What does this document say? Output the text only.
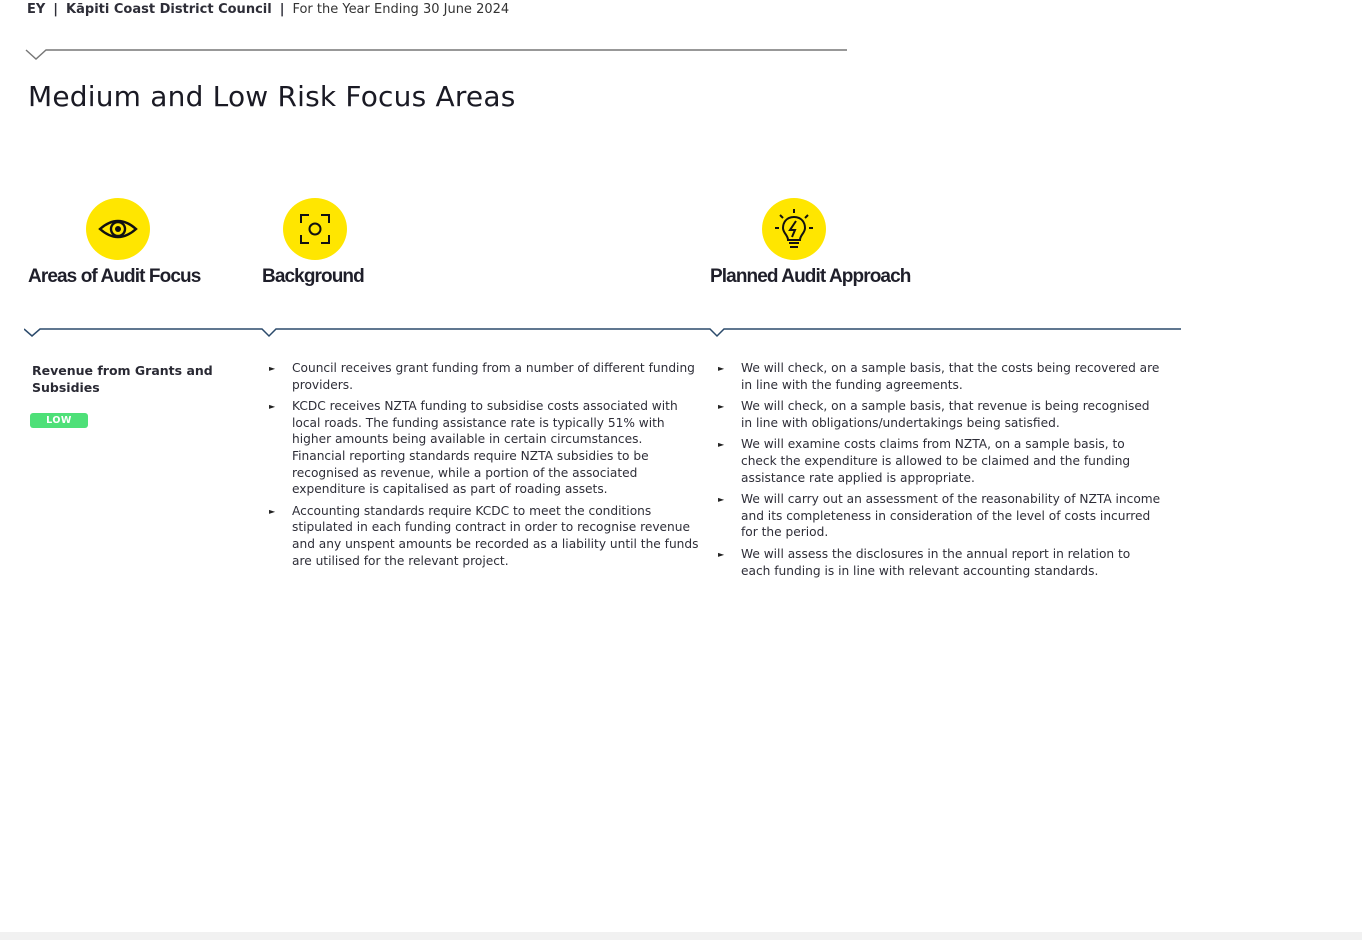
EY | Kāpiti Coast District Council | For the Year Ending 30 June 2024
Medium and Low Risk Focus Areas
Areas of Audit Focus	Background	Planned Audit Approach

Revenue from Grants and Subsidies

LOW
► Council receives grant funding from a number of different funding providers.
► KCDC receives NZTA funding to subsidise costs associated with local roads. The funding assistance rate is typically 51% with higher amounts being available in certain circumstances. Financial reporting standards require NZTA subsidies to be recognised as revenue, while a portion of the associated expenditure is capitalised as part of roading assets.
► Accounting standards require KCDC to meet the conditions stipulated in each funding contract in order to recognise revenue and any unspent amounts be recorded as a liability until the funds are utilised for the relevant project.
► We will check, on a sample basis, that the costs being recovered are in line with the funding agreements.
► We will check, on a sample basis, that revenue is being recognised in line with obligations/undertakings being satisfied.
► We will examine costs claims from NZTA, on a sample basis, to check the expenditure is allowed to be claimed and the funding assistance rate applied is appropriate.
► We will carry out an assessment of the reasonability of NZTA income and its completeness in consideration of the level of costs incurred for the period.
► We will assess the disclosures in the annual report in relation to each funding is in line with relevant accounting standards.
